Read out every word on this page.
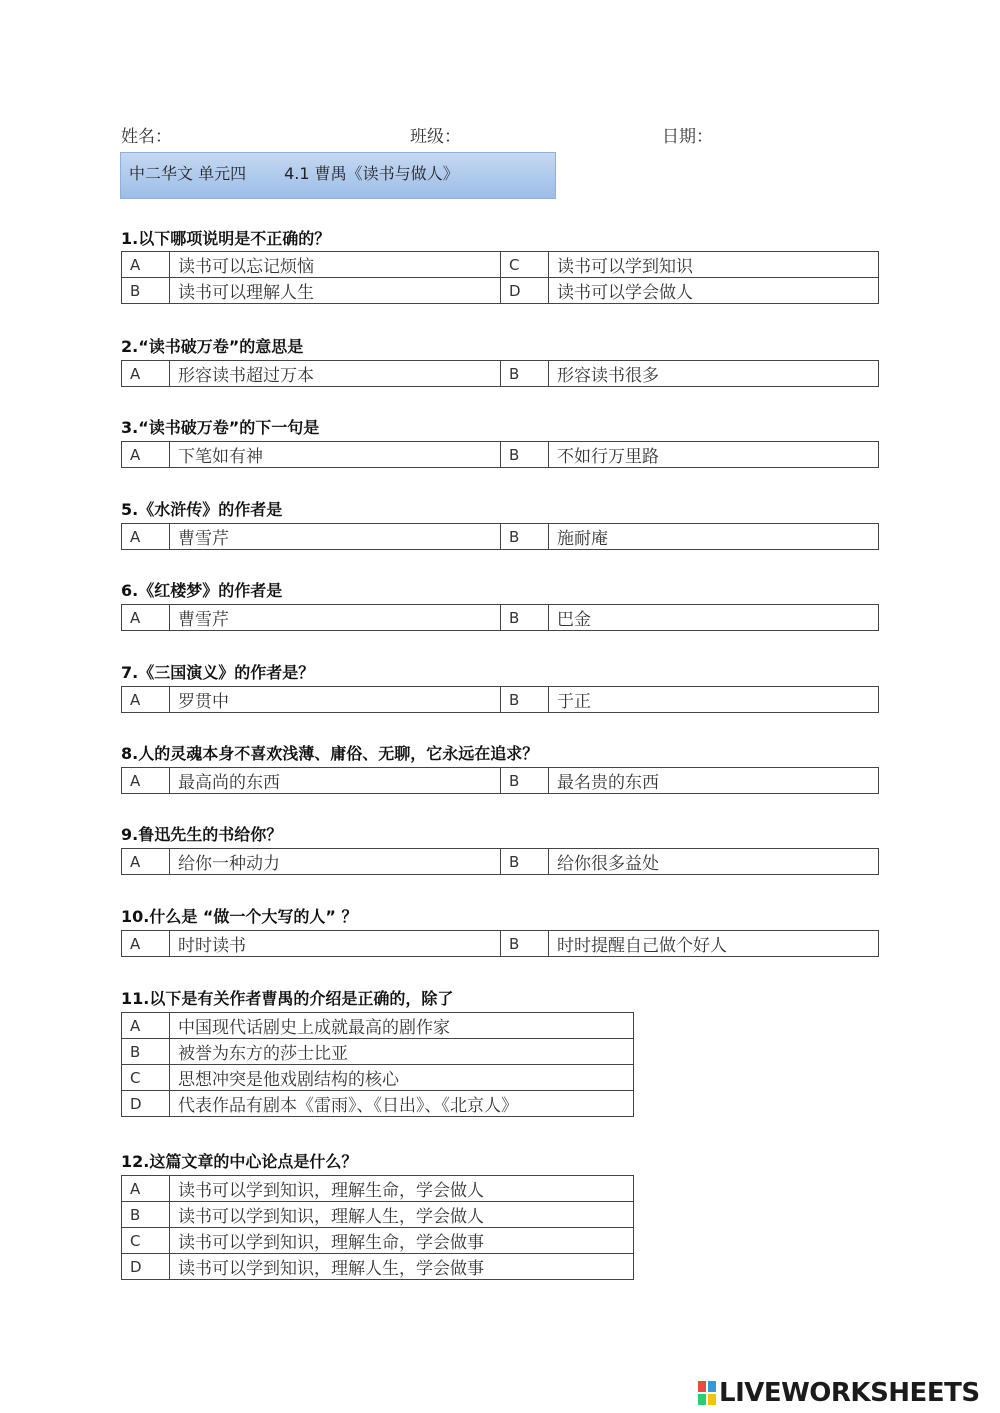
姓名：	班级：	日期：
中二华文 单元四 4.1 曹禺《读书与做人》
1.以下哪项说明是不正确的？
A	读书可以忘记烦恼	C	读书可以学到知识
B	读书可以理解人生	D	读书可以学会做人
2.“读书破万卷”的意思是
A	形容读书超过万本	B	形容读书很多
3.“读书破万卷”的下一句是
A	下笔如有神	B	不如行万里路
5.《水浒传》的作者是
A	曹雪芹	B	施耐庵
6.《红楼梦》的作者是
A	曹雪芹	B	巴金
7.《三国演义》的作者是？
A	罗贯中	B	于正
8.人的灵魂本身不喜欢浅薄、庸俗、无聊，它永远在追求？
A	最高尚的东西	B	最名贵的东西
9.鲁迅先生的书给你？
A	给你一种动力	B	给你很多益处
10.什么是 “做一个大写的人” ？
A	时时读书	B	时时提醒自己做个好人
11.以下是有关作者曹禺的介绍是正确的，除了
A	中国现代话剧史上成就最高的剧作家
B	被誉为东方的莎士比亚
C	思想冲突是他戏剧结构的核心
D	代表作品有剧本《雷雨》、《日出》、《北京人》
12.这篇文章的中心论点是什么？
A	读书可以学到知识，理解生命，学会做人
B	读书可以学到知识，理解人生，学会做人
C	读书可以学到知识，理解生命，学会做事
D	读书可以学到知识，理解人生，学会做事
LIVEWORKSHEETS
